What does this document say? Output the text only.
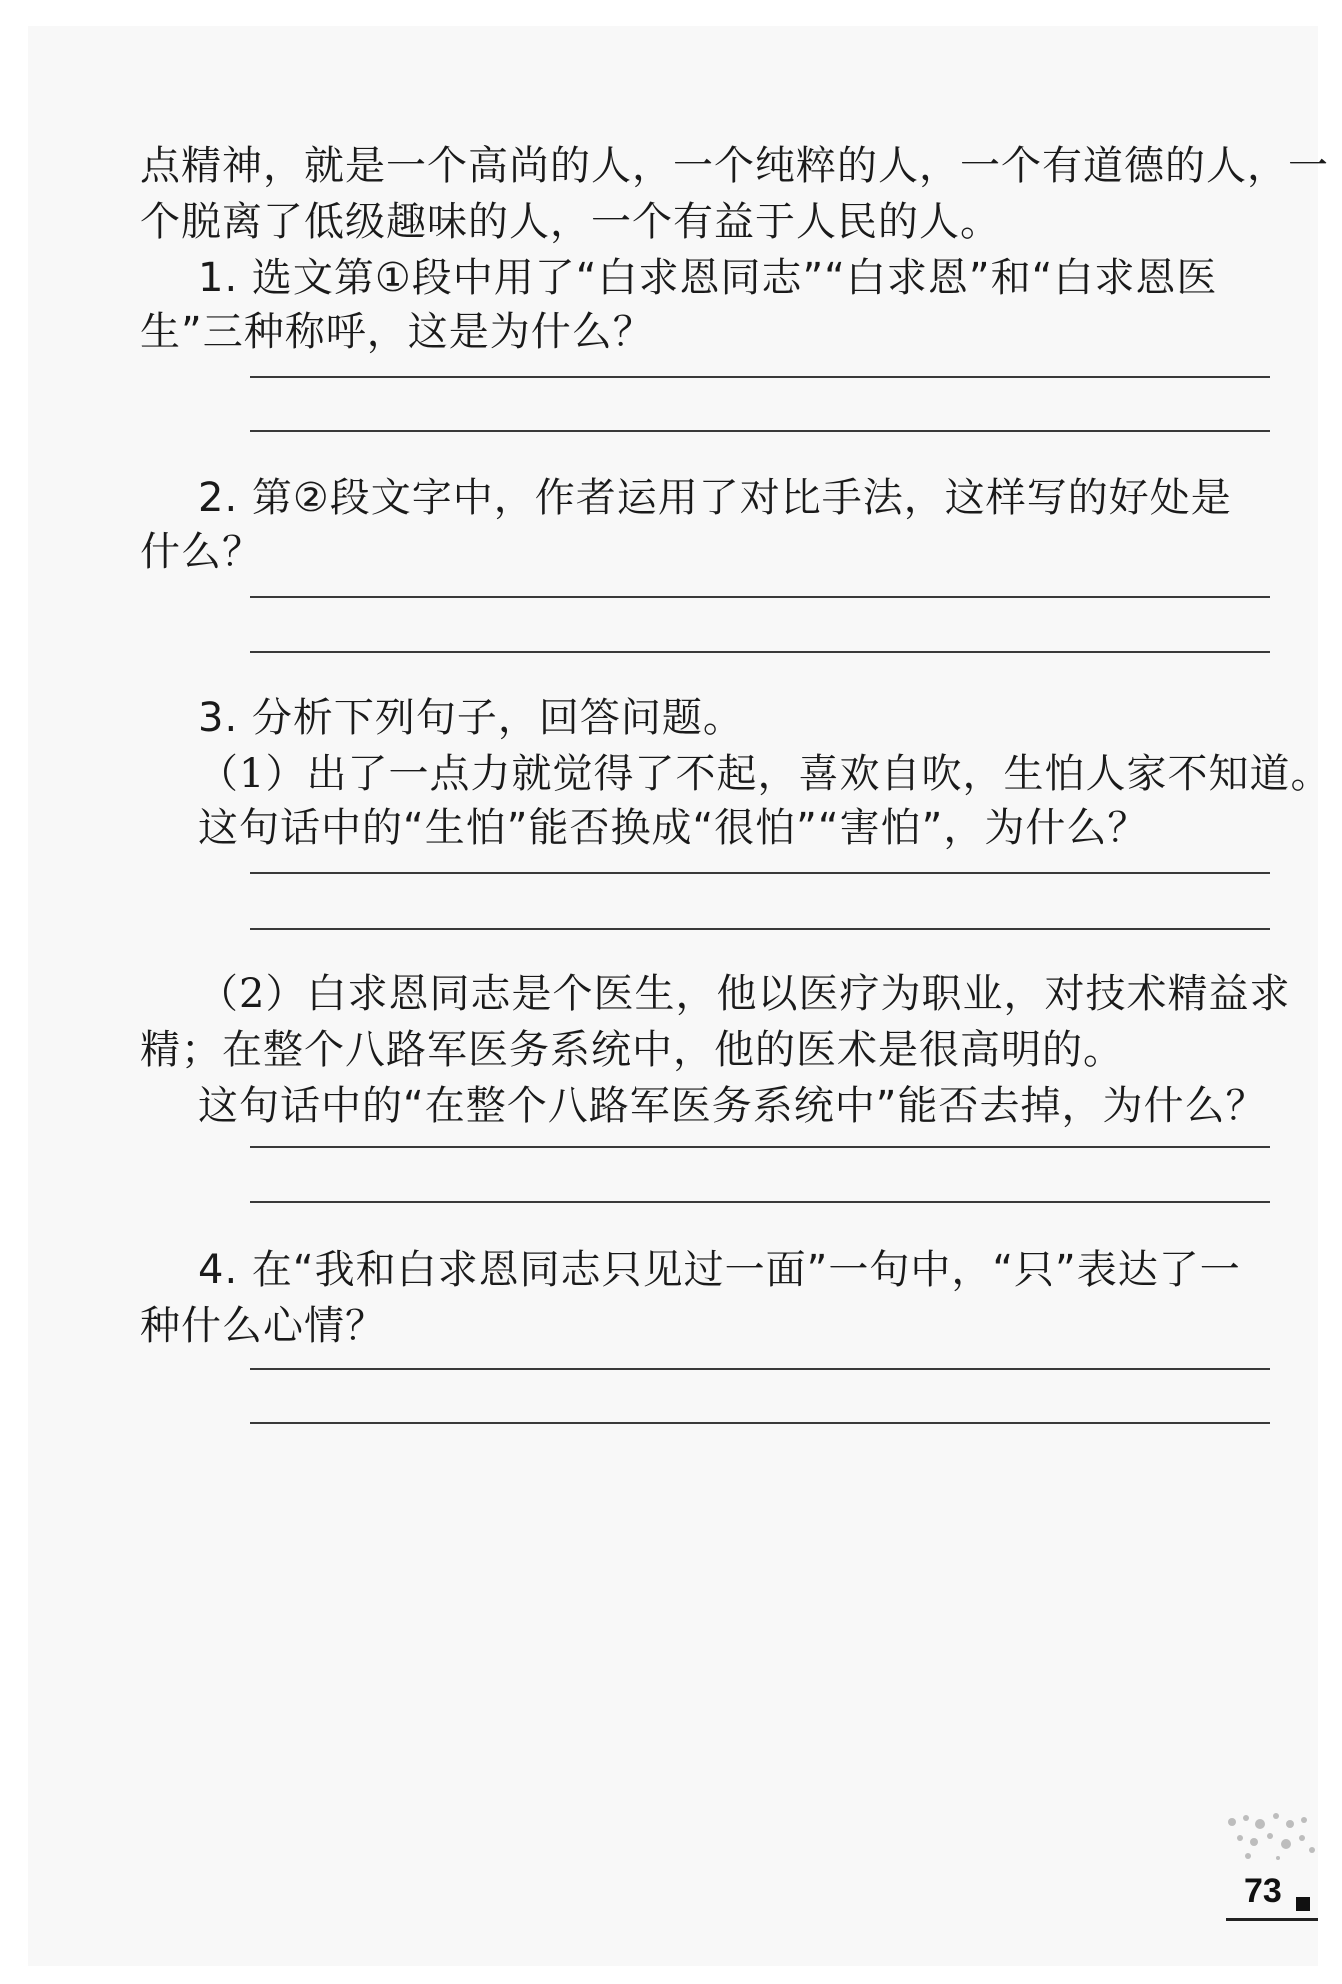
点精神，就是一个高尚的人，一个纯粹的人，一个有道德的人，一
个脱离了低级趣味的人，一个有益于人民的人。
1. 选文第①段中用了“白求恩同志”“白求恩”和“白求恩医
生”三种称呼，这是为什么？
2. 第②段文字中，作者运用了对比手法，这样写的好处是
什么？
3. 分析下列句子，回答问题。
（1）出了一点力就觉得了不起，喜欢自吹，生怕人家不知道。
这句话中的“生怕”能否换成“很怕”“害怕”，为什么？
（2）白求恩同志是个医生，他以医疗为职业，对技术精益求
精；在整个八路军医务系统中，他的医术是很高明的。
这句话中的“在整个八路军医务系统中”能否去掉，为什么？
4. 在“我和白求恩同志只见过一面”一句中，“只”表达了一
种什么心情？
73
